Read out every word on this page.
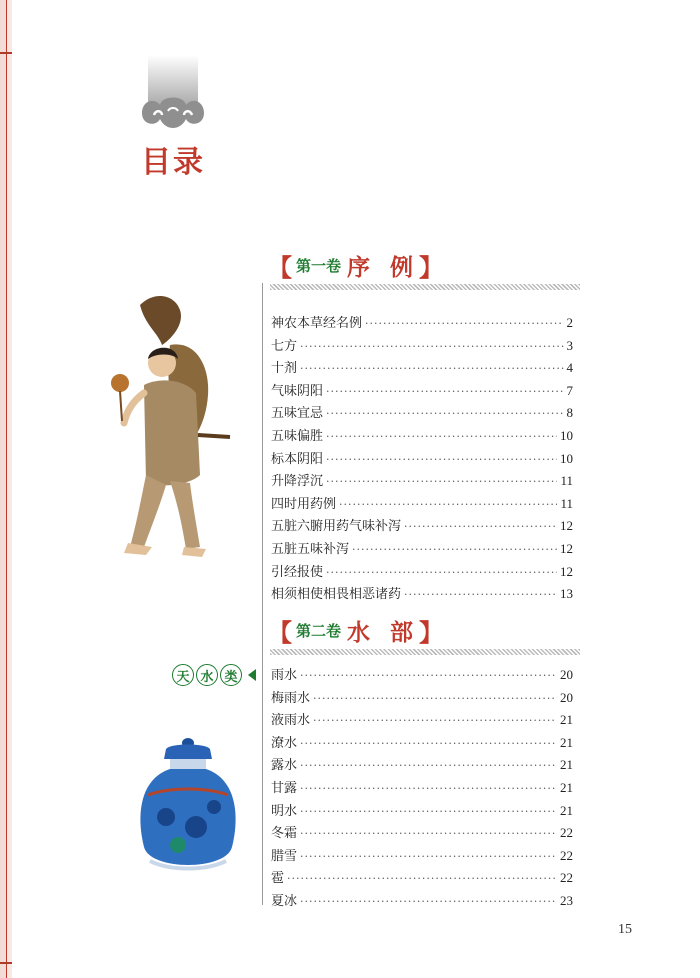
目录
【 第一卷 序 例 】
神农本草经名例 ·····	2
七方 ·····	3
十剂 ·····	4
气味阴阳 ·····	7
五味宜忌 ·····	8
五味偏胜 ·····	10
标本阴阳 ·····	10
升降浮沉 ·····	11
四时用药例 ·····	11
五脏六腑用药气味补泻 ·····	12
五脏五味补泻 ·····	12
引经报使 ·····	12
相须相使相畏相恶诸药 ·····	13
【 第二卷 水 部 】
天 水 类	雨水 ·····	20
梅雨水 ·····	20
液雨水 ·····	21
潦水 ·····	21
露水 ·····	21
甘露 ·····	21
明水 ·····	21
冬霜 ·····	22
腊雪 ·····	22
雹 ·····	22
夏冰 ·····	23
15
